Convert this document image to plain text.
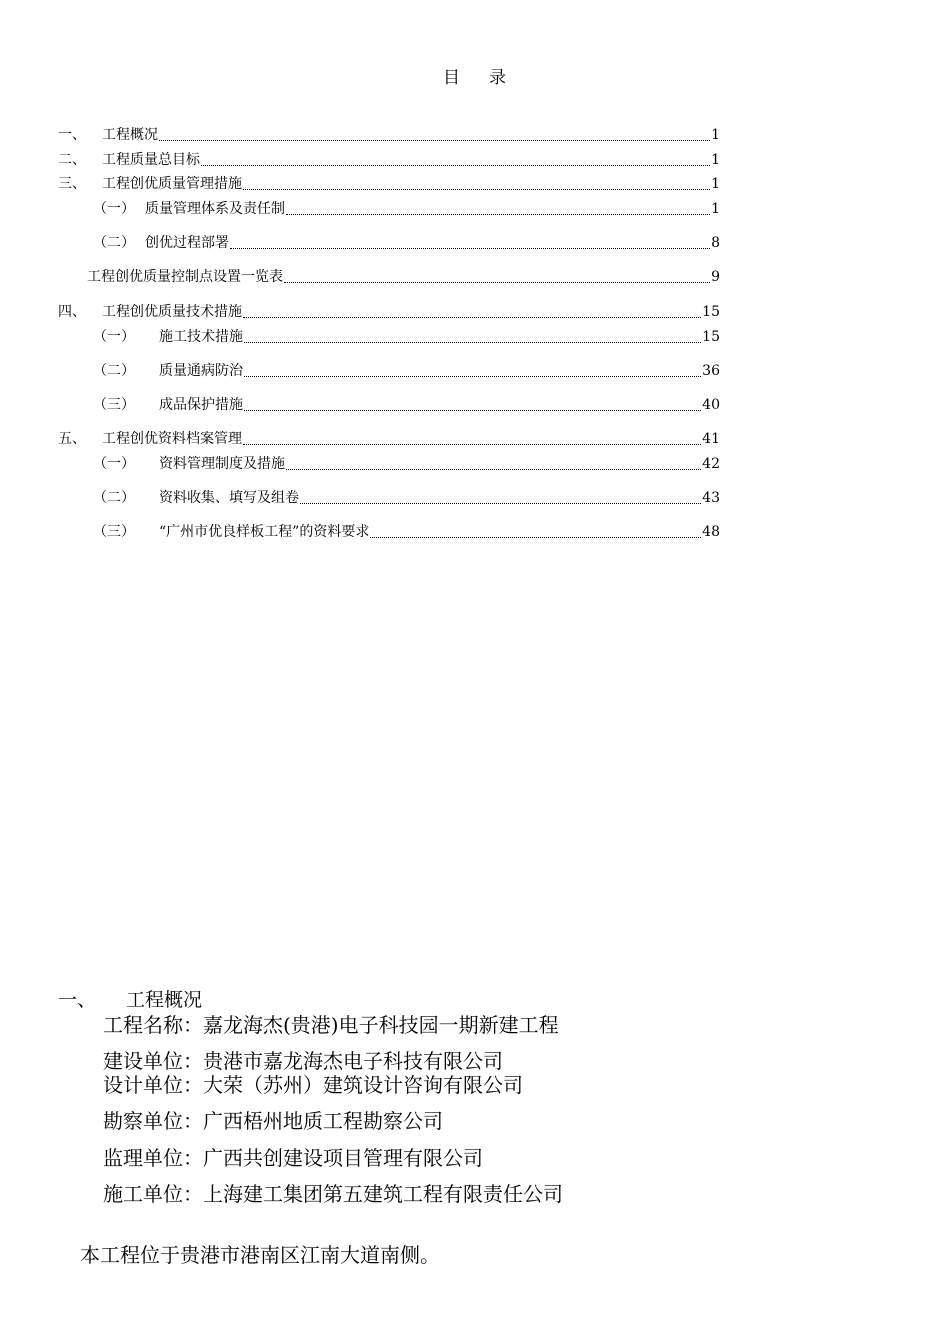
目 录
一、 工程概况	1
二、 工程质量总目标	1
三、 工程创优质量管理措施	1
（一） 质量管理体系及责任制	1
（二） 创优过程部署	8
工程创优质量控制点设置一览表	9
四、 工程创优质量技术措施	15
（一） 施工技术措施	15
（二） 质量通病防治	36
（三） 成品保护措施	40
五、 工程创优资料档案管理	41
（一） 资料管理制度及措施	42
（二） 资料收集、填写及组卷	43
（三） “广州市优良样板工程”的资料要求	48
一、 工程概况
工程名称：嘉龙海杰(贵港)电子科技园一期新建工程
建设单位：贵港市嘉龙海杰电子科技有限公司
设计单位：大荣（苏州）建筑设计咨询有限公司
勘察单位：广西梧州地质工程勘察公司
监理单位：广西共创建设项目管理有限公司
施工单位：上海建工集团第五建筑工程有限责任公司
本工程位于贵港市港南区江南大道南侧。
